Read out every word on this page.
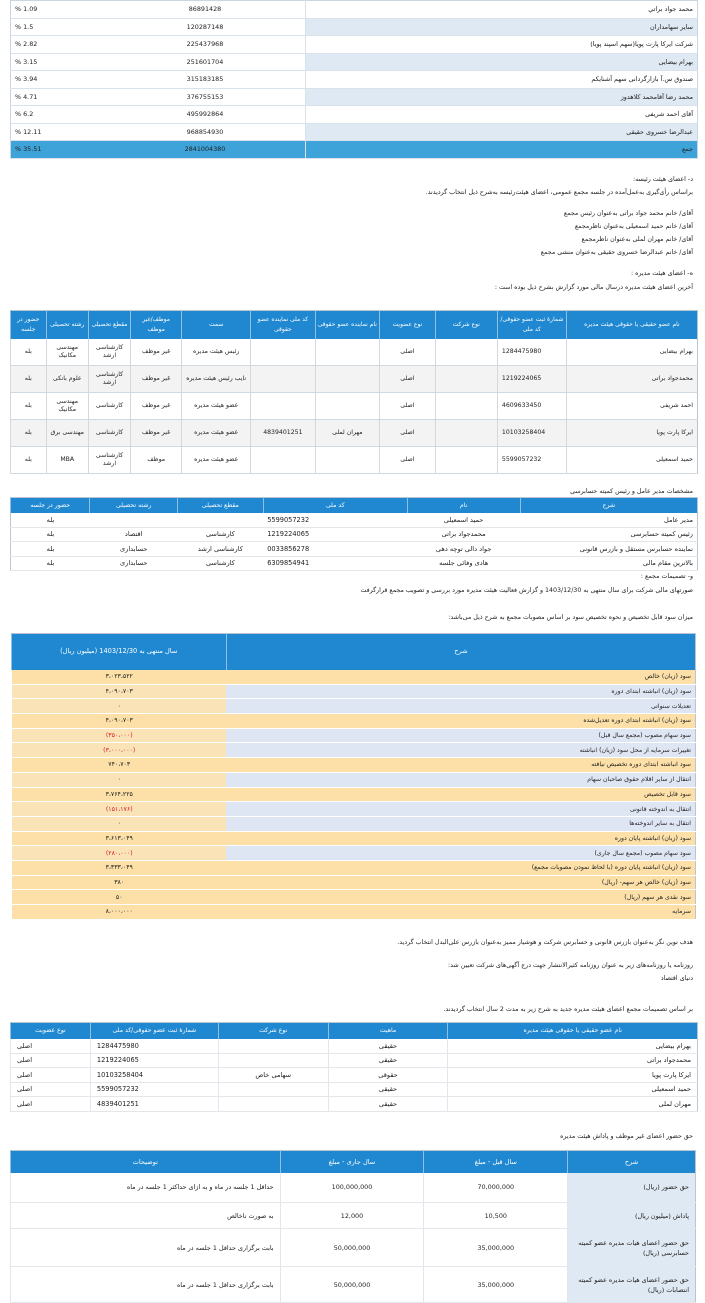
% 1.09	86891428	محمد جواد براتي
% 1.5	120287148	سایر سهامداران
% 2.82	225437968	شرکت ایرکا پارت پویا(سهم اسپند پویا)
% 3.15	251601704	بهرام بیضایی
% 3.94	315183185	صندوق س.آ بازارگردانی سهم آشنایکم
% 4.71	376755153	محمد رضا آقامحمد کلاهدوز
% 6.2	495992864	آقای احمد شریفی
% 12.11	968854930	عبدالرضا خسروی حقیقی
% 35.51	2841004380	جمع
د- اعضای هیئت رئیسه:
براساس رأی‌گیری به‌عمل‌آمده در جلسه مجمع عمومی، اعضای هیئت‌رئیسه به‌شرح ذیل انتخاب گردیدند.
آقای/ خانم محمد جواد براتی به‌عنوان رئیس مجمع
آقای/ خانم حمید اسمعیلی به‌عنوان ناظرمجمع
آقای/ خانم مهران لملی به‌عنوان ناظرمجمع
آقای/ خانم عبدالرضا خسروی حقیقی به‌عنوان منشی مجمع
ه- اعضای هیئت مدیره :
آخرین اعضای هیئت مدیره درسال مالی مورد گزارش بشرح ذیل بوده است :
نام عضو حقیقی یا حقوقی هیئت مدیره	شمارهٔ ثبت عضو حقوقی/کد ملی	نوع شرکت	نوع عضویت	نام نماینده عضو حقوقی	کد ملی نماینده عضو حقوقی	سمت	موظف/غیر موظف	مقطع تحصیلی	رشته تحصیلی	حضور در جلسه
بهرام بیضایی	1284475980		اصلی			رئیس هیئت مدیره	غیر موظف	کارشناسی ارشد	مهندسی مکانیک	بله
محمدجواد براتی	1219224065		اصلی			نایب رئیس هیئت مدیره	غیر موظف	کارشناسی ارشد	علوم بانکی	بله
احمد شریفی	4609633450		اصلی			عضو هیئت مدیره	غیر موظف	کارشناسی	مهندسی مکانیک	بله
ایرکا پارت پویا	10103258404		اصلی	مهران لملی	4839401251	عضو هیئت مدیره	غیر موظف	کارشناسی	مهندسی برق	بله
حمید اسمعیلی	5599057232		اصلی			عضو هیئت مدیره	موظف	کارشناسی ارشد	MBA	بله
مشخصات مدیر عامل و رئیس کمیته حسابرسی
شرح	نام	کد ملی	مقطع تحصیلی	رشته تحصیلی	حضور در جلسه
مدیر عامل	حمید اسمعیلی	5599057232			بله
رئیس کمیته حسابرسی	محمدجواد براتی	1219224065	کارشناسی	اقتصاد	بله
نماینده حسابرس مستقل و بازرس قانونی	جواد دالی توچه دهی	0033856278	کارشناسی ارشد	حسابداری	بله
بالاترین مقام مالی	هادی وفائی جلسه	6309854941	کارشناسی	حسابداری	بله
و- تصمیمات مجمع :
صورتهای مالی شرکت برای سال منتهی به 1403/12/30 و گزارش فعالیت هیئت مدیره مورد بررسی و تصویب مجمع قرارگرفت
میزان سود قابل تخصیص و نحوه تخصیص سود بر اساس مصوبات مجمع به شرح ذیل می‌باشد:
شرح	سال منتهی به 1403/12/30 (میلیون ریال)
سود (زیان) خالص	۳،۰۲۳،۵۲۲
سود (زیان) انباشته ابتدای دوره	۴،۰۹۰،۷۰۳
تعدیلات سنواتی	۰
سود (زیان) انباشته ابتدای دوره تعدیل‌شده	۴،۰۹۰،۷۰۳
سود سهام مصوب (مجمع سال قبل)	(۳۵۰،۰۰۰)
تغییرات سرمایه از محل سود (زیان) انباشته	(۳،۰۰۰،۰۰۰)
سود انباشته ابتدای دوره تخصیص نیافته	۷۴۰،۷۰۳
انتقال از سایر اقلام حقوق صاحبان سهام	۰
سود قابل تخصیص	۳،۷۶۴،۲۲۵
انتقال به اندوخته قانونی	(۱۵۱،۱۷۶)
انتقال به سایر اندوخته‌ها	۰
سود (زیان) انباشته پایان دوره	۳،۶۱۳،۰۴۹
سود سهام مصوب (مجمع سال جاری)	(۲۸۰،۰۰۰)
سود (زیان) انباشته پایان دوره (با لحاظ نمودن مصوبات مجمع)	۳،۳۳۳،۰۴۹
سود (زیان) خالص هر سهم- (ریال)	۳۸۰
سود نقدی هر سهم (ریال)	۵۰
سرمایه	۸،۰۰۰،۰۰۰
هدف نوین نگر به‌عنوان بازرس قانونی و حسابرس شرکت و هوشیار ممیز به‌عنوان بازرس علی‌البدل انتخاب گردید.
روزنامه یا روزنامه‌های زیر به عنوان روزنامه کثیرالانتشار جهت درج آگهی‌های شرکت تعیین شد:
دنیای اقتصاد
بر اساس تصمیمات مجمع اعضای هیئت مدیره جدید به شرح زیر به مدت 2 سال انتخاب گردیدند.
نام عضو حقیقی یا حقوقی هیئت مدیره	ماهیت	نوع شرکت	شمارهٔ ثبت عضو حقوقی/کد ملی	نوع عضویت
بهرام بیضایی	حقیقی		1284475980	اصلی
محمدجواد براتی	حقیقی		1219224065	اصلی
ایرکا پارت پویا	حقوقی	سهامی خاص	10103258404	اصلی
حمید اسمعیلی	حقیقی		5599057232	اصلی
مهران لملی	حقیقی		4839401251	اصلی
حق حضور اعضای غیر موظف و پاداش هیئت مدیره
شرح	سال قبل - مبلغ	سال جاری - مبلغ	توضیحات
حق حضور (ریال)	70,000,000	100,000,000	حداقل 1 جلسه در ماه و به ازای حداکثر 1 جلسه در ماه
پاداش (میلیون ریال)	10,500	12,000	به صورت ناخالص
حق حضور اعضای هیات مدیره عضو کمیته حسابرسی (ریال)	35,000,000	50,000,000	بابت برگزاری حداقل 1 جلسه در ماه
حق حضور اعضای هیات مدیره عضو کمیته انتصابات (ریال)	35,000,000	50,000,000	بابت برگزاری حداقل 1 جلسه در ماه
